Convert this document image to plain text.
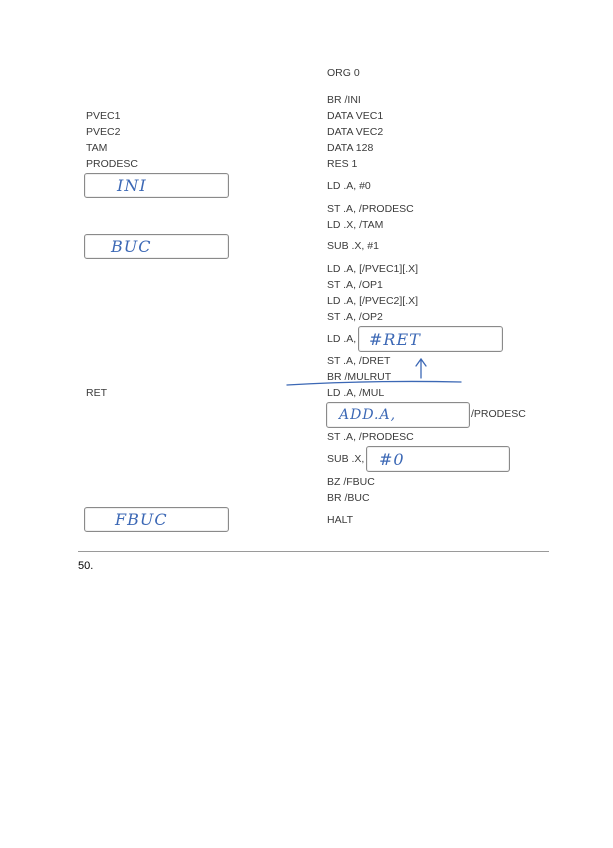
PVEC1
PVEC2
TAM
PRODESC
RET
INI
BUC
FBUC
ORG 0
BR /INI
DATA VEC1
DATA VEC2
DATA 128
RES 1
LD .A, #0
ST .A, /PRODESC
LD .X, /TAM
SUB .X, #1
LD .A, [/PVEC1][.X]
ST .A, /OP1
LD .A, [/PVEC2][.X]
ST .A, /OP2
LD .A, #RET
ST .A, /DRET
BR /MULRUT
LD .A, /MUL
ADD.A,	/PRODESC
ST .A, /PRODESC
SUB .X, #0
BZ /FBUC
BR /BUC
HALT
50.
